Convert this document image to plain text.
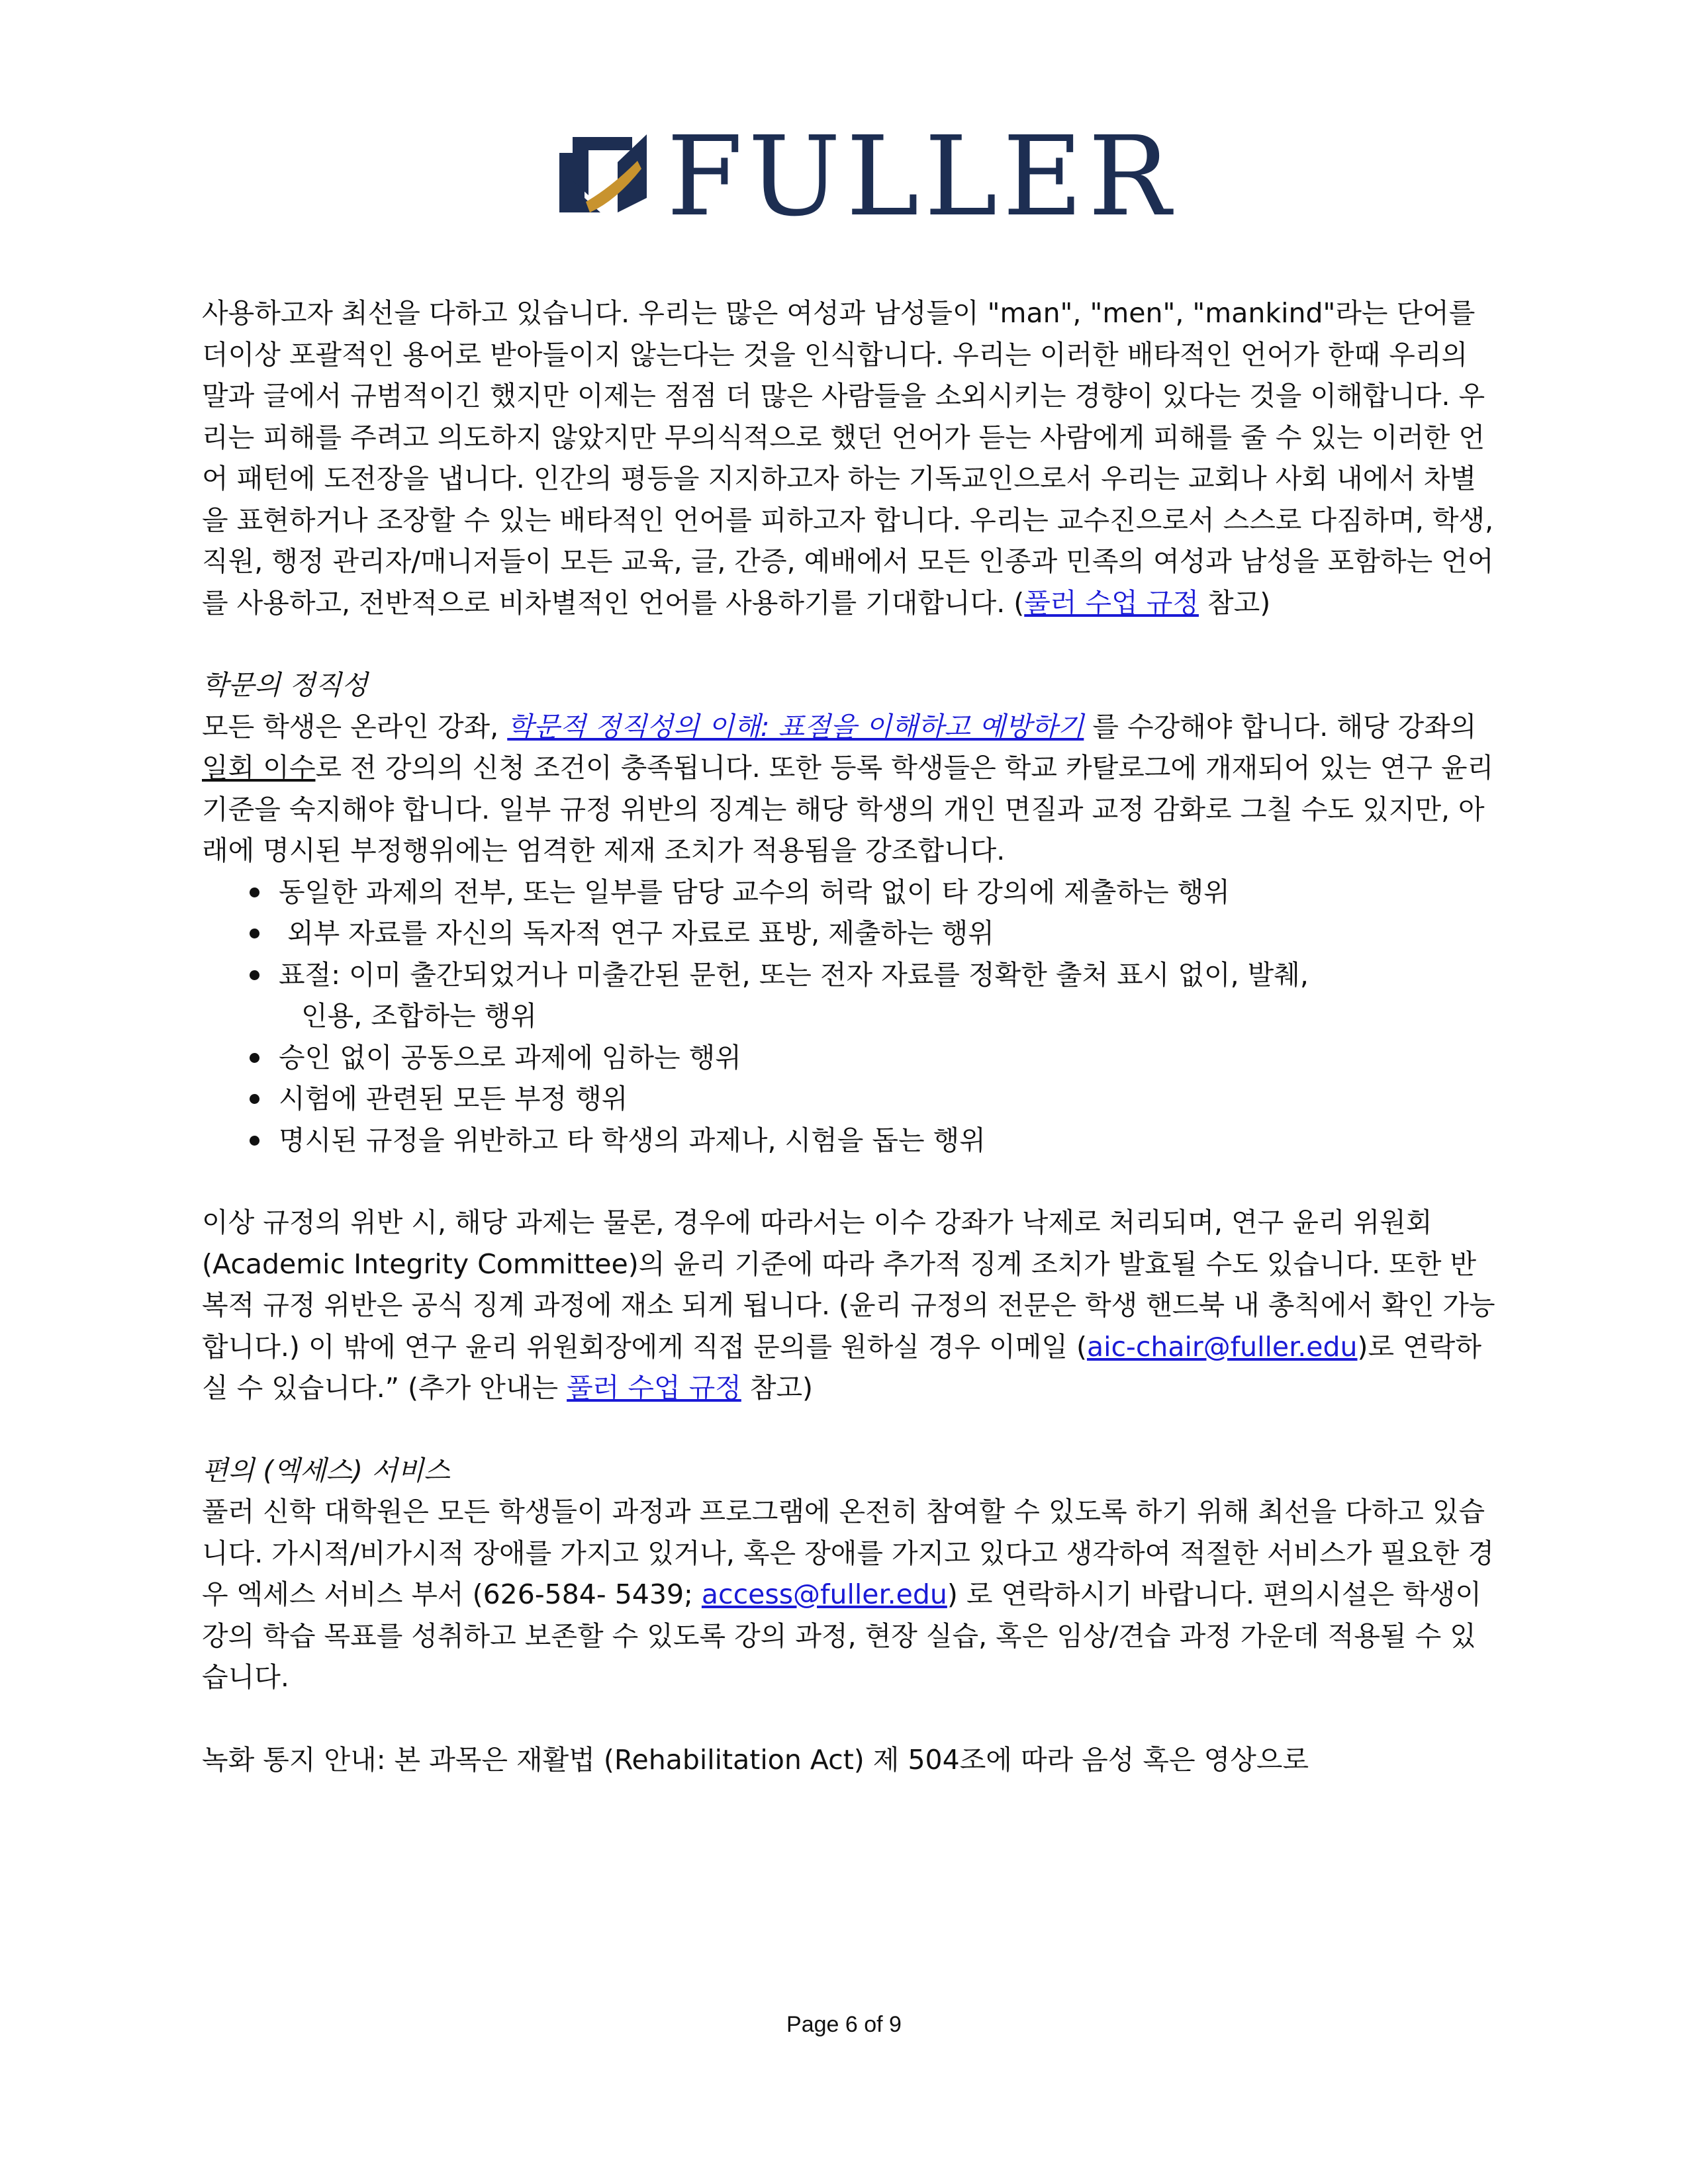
FULLER

사용하고자 최선을 다하고 있습니다. 우리는 많은 여성과 남성들이 "man", "men", "mankind"라는 단어를 더이상 포괄적인 용어로 받아들이지 않는다는 것을 인식합니다. 우리는 이러한 배타적인 언어가 한때 우리의 말과 글에서 규범적이긴 했지만 이제는 점점 더 많은 사람들을 소외시키는 경향이 있다는 것을 이해합니다. 우리는 피해를 주려고 의도하지 않았지만 무의식적으로 했던 언어가 듣는 사람에게 피해를 줄 수 있는 이러한 언어 패턴에 도전장을 냅니다. 인간의 평등을 지지하고자 하는 기독교인으로서 우리는 교회나 사회 내에서 차별을 표현하거나 조장할 수 있는 배타적인 언어를 피하고자 합니다. 우리는 교수진으로서 스스로 다짐하며, 학생, 직원, 행정 관리자/매니저들이 모든 교육, 글, 간증, 예배에서 모든 인종과 민족의 여성과 남성을 포함하는 언어를 사용하고, 전반적으로 비차별적인 언어를 사용하기를 기대합니다. (풀러 수업 규정 참고)

학문의 정직성

모든 학생은 온라인 강좌, 학문적 정직성의 이해: 표절을 이해하고 예방하기 를 수강해야 합니다. 해당 강좌의 일회 이수로 전 강의의 신청 조건이 충족됩니다. 또한 등록 학생들은 학교 카탈로그에 개재되어 있는 연구 윤리 기준을 숙지해야 합니다. 일부 규정 위반의 징계는 해당 학생의 개인 면질과 교정 감화로 그칠 수도 있지만, 아래에 명시된 부정행위에는 엄격한 제재 조치가 적용됨을 강조합니다.

동일한 과제의 전부, 또는 일부를 담당 교수의 허락 없이 타 강의에 제출하는 행위
외부 자료를 자신의 독자적 연구 자료로 표방, 제출하는 행위
표절: 이미 출간되었거나 미출간된 문헌, 또는 전자 자료를 정확한 출처 표시 없이, 발췌,
인용, 조합하는 행위
승인 없이 공동으로 과제에 임하는 행위
시험에 관련된 모든 부정 행위
명시된 규정을 위반하고 타 학생의 과제나, 시험을 돕는 행위

이상 규정의 위반 시, 해당 과제는 물론, 경우에 따라서는 이수 강좌가 낙제로 처리되며, 연구 윤리 위원회 (Academic Integrity Committee)의 윤리 기준에 따라 추가적 징계 조치가 발효될 수도 있습니다. 또한 반복적 규정 위반은 공식 징계 과정에 재소 되게 됩니다. (윤리 규정의 전문은 학생 핸드북 내 총칙에서 확인 가능합니다.) 이 밖에 연구 윤리 위원회장에게 직접 문의를 원하실 경우 이메일 (aic-chair@fuller.edu)로 연락하실 수 있습니다.” (추가 안내는 풀러 수업 규정 참고)

편의 (엑세스) 서비스

풀러 신학 대학원은 모든 학생들이 과정과 프로그램에 온전히 참여할 수 있도록 하기 위해 최선을 다하고 있습니다. 가시적/비가시적 장애를 가지고 있거나, 혹은 장애를 가지고 있다고 생각하여 적절한 서비스가 필요한 경우 엑세스 서비스 부서 (626-584- 5439; access@fuller.edu) 로 연락하시기 바랍니다. 편의시설은 학생이 강의 학습 목표를 성취하고 보존할 수 있도록 강의 과정, 현장 실습, 혹은 임상/견습 과정 가운데 적용될 수 있습니다.

녹화 통지 안내: 본 과목은 재활법 (Rehabilitation Act) 제 504조에 따라 음성 혹은 영상으로

Page 6 of 9
